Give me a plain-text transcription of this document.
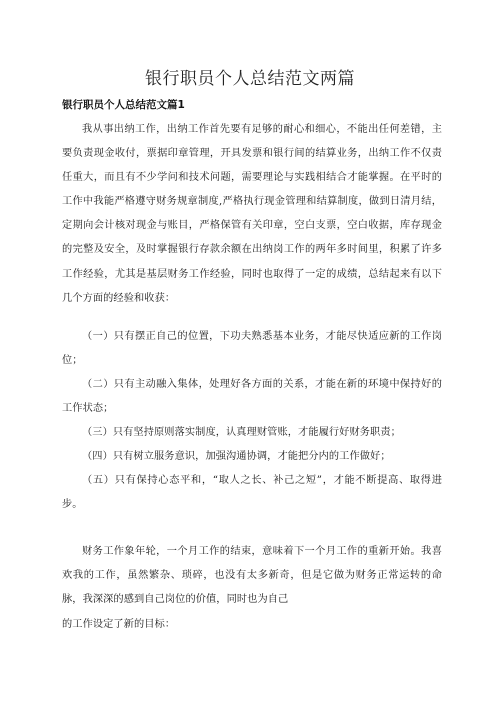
银行职员个人总结范文两篇
银行职员个人总结范文篇1

我从事出纳工作，出纳工作首先要有足够的耐心和细心，不能出任何差错，主要负责现金收付，票据印章管理，开具发票和银行间的结算业务，出纳工作不仅责任重大，而且有不少学问和技术问题，需要理论与实践相结合才能掌握。在平时的工作中我能严格遵守财务规章制度,严格执行现金管理和结算制度，做到日清月结，定期向会计核对现金与账目，严格保管有关印章，空白支票，空白收据，库存现金的完整及安全，及时掌握银行存款余额在出纳岗工作的两年多时间里，积累了许多工作经验，尤其是基层财务工作经验，同时也取得了一定的成绩，总结起来有以下几个方面的经验和收获：

（一）只有摆正自己的位置，下功夫熟悉基本业务，才能尽快适应新的工作岗位；

（二）只有主动融入集体，处理好各方面的关系，才能在新的环境中保持好的工作状态；

（三）只有坚持原则落实制度，认真理财管账，才能履行好财务职责；

（四）只有树立服务意识，加强沟通协调，才能把分内的工作做好；

（五）只有保持心态平和，“取人之长、补己之短”，才能不断提高、取得进步。

财务工作象年轮，一个月工作的结束，意味着下一个月工作的重新开始。我喜欢我的工作，虽然繁杂、琐碎，也没有太多新奇，但是它做为财务正常运转的命脉，我深深的感到自己岗位的价值，同时也为自己

的工作设定了新的目标：
